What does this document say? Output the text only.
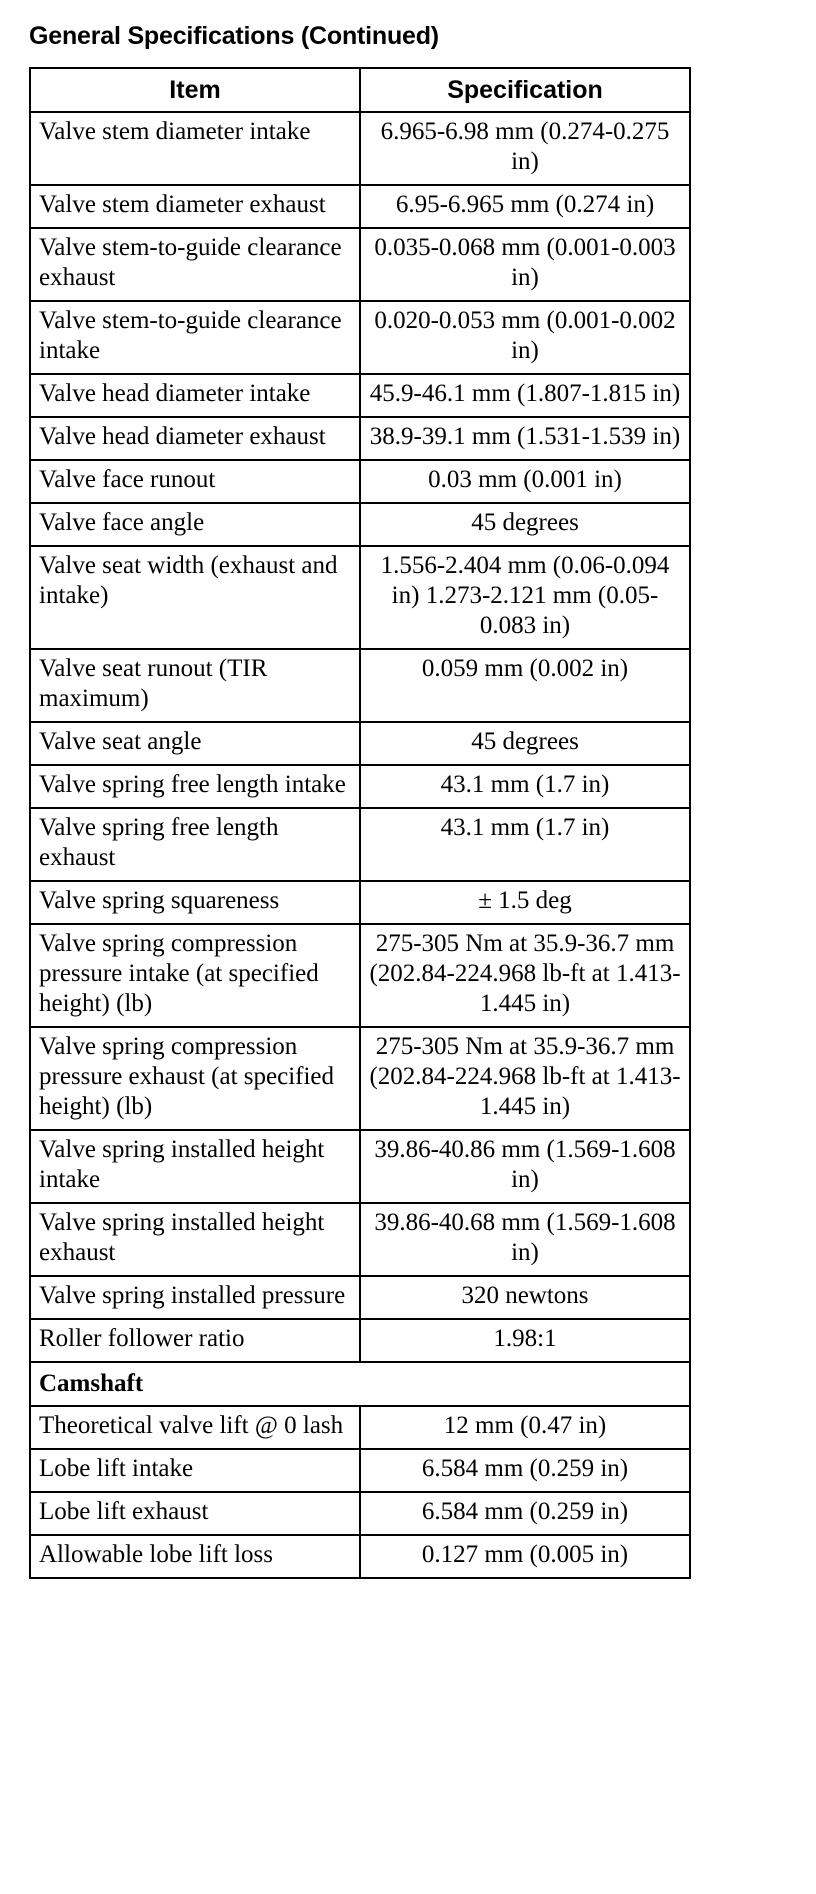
General Specifications (Continued)
Item	Specification
Valve stem diameter intake	6.965-6.98 mm (0.274-0.275 in)
Valve stem diameter exhaust	6.95-6.965 mm (0.274 in)
Valve stem-to-guide clearance exhaust	0.035-0.068 mm (0.001-0.003 in)
Valve stem-to-guide clearance intake	0.020-0.053 mm (0.001-0.002 in)
Valve head diameter intake	45.9-46.1 mm (1.807-1.815 in)
Valve head diameter exhaust	38.9-39.1 mm (1.531-1.539 in)
Valve face runout	0.03 mm (0.001 in)
Valve face angle	45 degrees
Valve seat width (exhaust and intake)	1.556-2.404 mm (0.06-0.094 in) 1.273-2.121 mm (0.05-0.083 in)
Valve seat runout (TIR maximum)	0.059 mm (0.002 in)
Valve seat angle	45 degrees
Valve spring free length intake	43.1 mm (1.7 in)
Valve spring free length exhaust	43.1 mm (1.7 in)
Valve spring squareness	± 1.5 deg
Valve spring compression pressure intake (at specified height) (lb)	275-305 Nm at 35.9-36.7 mm (202.84-224.968 lb-ft at 1.413-1.445 in)
Valve spring compression pressure exhaust (at specified height) (lb)	275-305 Nm at 35.9-36.7 mm (202.84-224.968 lb-ft at 1.413-1.445 in)
Valve spring installed height intake	39.86-40.86 mm (1.569-1.608 in)
Valve spring installed height exhaust	39.86-40.68 mm (1.569-1.608 in)
Valve spring installed pressure	320 newtons
Roller follower ratio	1.98:1
Camshaft	
Theoretical valve lift @ 0 lash	12 mm (0.47 in)
Lobe lift intake	6.584 mm (0.259 in)
Lobe lift exhaust	6.584 mm (0.259 in)
Allowable lobe lift loss	0.127 mm (0.005 in)
